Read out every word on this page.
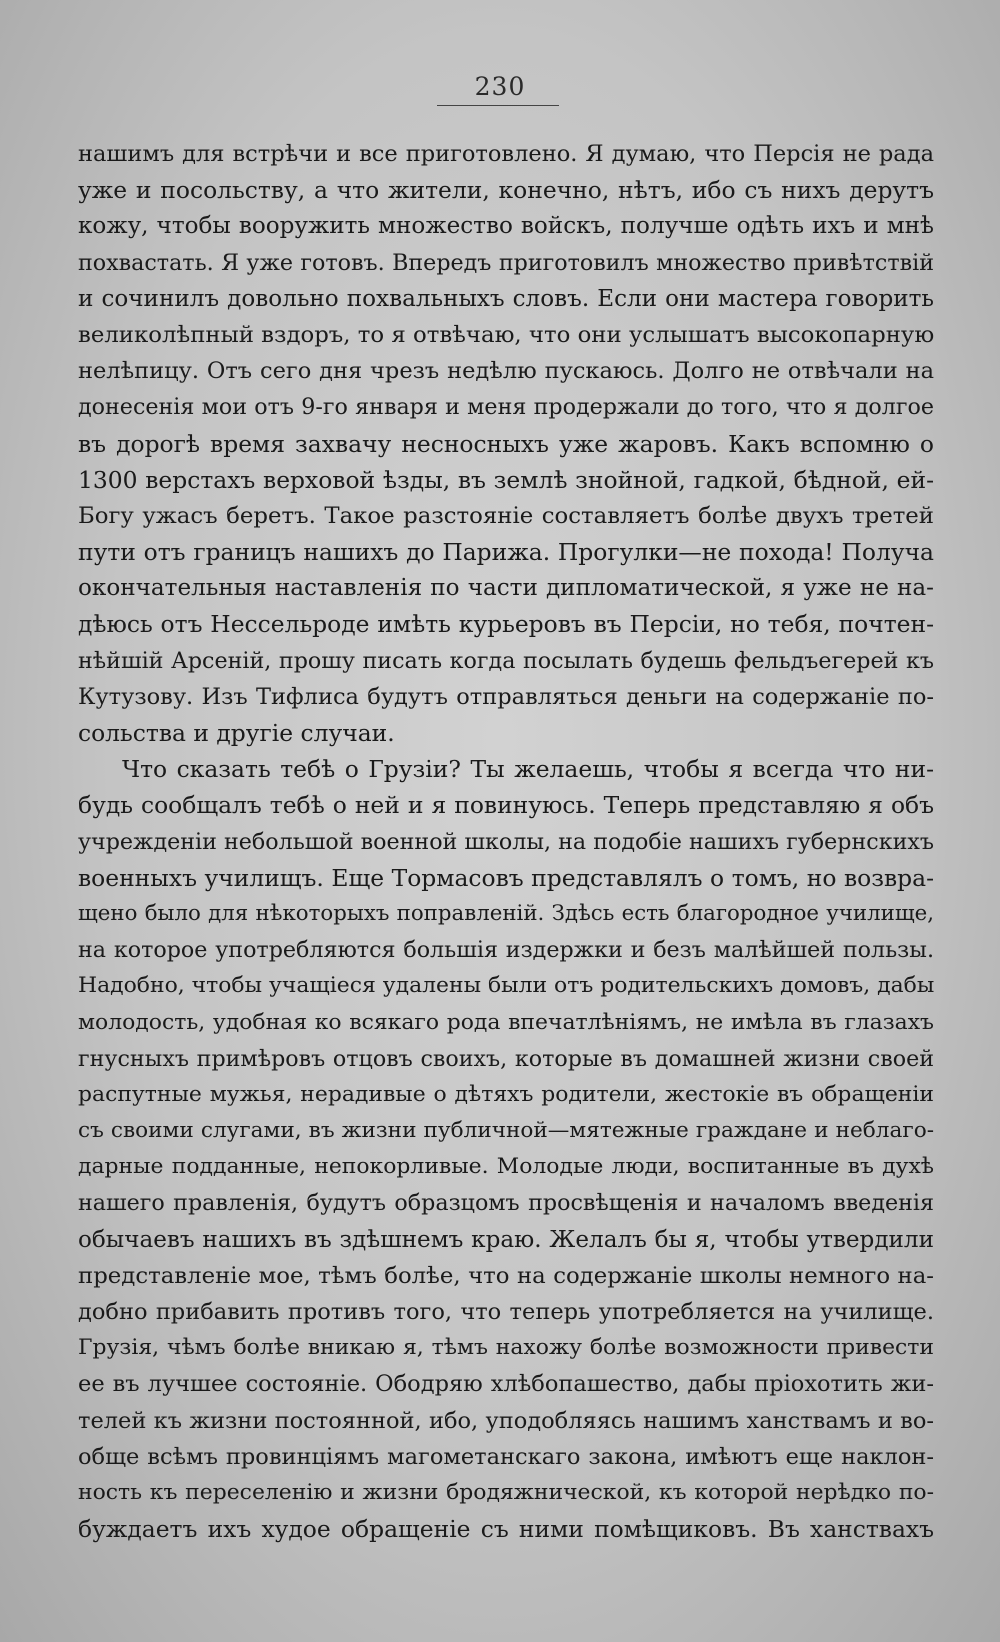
230
нашимъ для встрѣчи и все приготовлено. Я думаю, что Персія не рада
уже и посольству, а что жители, конечно, нѣтъ, ибо съ нихъ дерутъ
кожу, чтобы вооружить множество войскъ, получше одѣть ихъ и мнѣ
похвастать. Я уже готовъ. Впередъ приготовилъ множество привѣтствій
и сочинилъ довольно похвальныхъ словъ. Если они мастера говорить
великолѣпный вздоръ, то я отвѣчаю, что они услышатъ высокопарную
нелѣпицу. Отъ сего дня чрезъ недѣлю пускаюсь. Долго не отвѣчали на
донесенія мои отъ 9-го января и меня продержали до того, что я долгое
въ дорогѣ время захвачу несносныхъ уже жаровъ. Какъ вспомню о
1300 верстахъ верховой ѣзды, въ землѣ знойной, гадкой, бѣдной, ей-
Богу ужасъ беретъ. Такое разстояніе составляетъ болѣе двухъ третей
пути отъ границъ нашихъ до Парижа. Прогулки—не похода! Получа
окончательныя наставленія по части дипломатической, я уже не на-
дѣюсь отъ Нессельроде имѣть курьеровъ въ Персіи, но тебя, почтен-
нѣйшій Арсеній, прошу писать когда посылать будешь фельдъегерей къ
Кутузову. Изъ Тифлиса будутъ отправляться деньги на содержаніе по-
сольства и другіе случаи.
Что сказать тебѣ о Грузіи? Ты желаешь, чтобы я всегда что ни-
будь сообщалъ тебѣ о ней и я повинуюсь. Теперь представляю я объ
учрежденіи небольшой военной школы, на подобіе нашихъ губернскихъ
военныхъ училищъ. Еще Тормасовъ представлялъ о томъ, но возвра-
щено было для нѣкоторыхъ поправленій. Здѣсь есть благородное училище,
на которое употребляются большія издержки и безъ малѣйшей пользы.
Надобно, чтобы учащіеся удалены были отъ родительскихъ домовъ, дабы
молодость, удобная ко всякаго рода впечатлѣніямъ, не имѣла въ глазахъ
гнусныхъ примѣровъ отцовъ своихъ, которые въ домашней жизни своей
распутные мужья, нерадивые о дѣтяхъ родители, жестокіе въ обращеніи
съ своими слугами, въ жизни публичной—мятежные граждане и неблаго-
дарные подданные, непокорливые. Молодые люди, воспитанные въ духѣ
нашего правленія, будутъ образцомъ просвѣщенія и началомъ введенія
обычаевъ нашихъ въ здѣшнемъ краю. Желалъ бы я, чтобы утвердили
представленіе мое, тѣмъ болѣе, что на содержаніе школы немного на-
добно прибавить противъ того, что теперь употребляется на училище.
Грузія, чѣмъ болѣе вникаю я, тѣмъ нахожу болѣе возможности привести
ее въ лучшее состояніе. Ободряю хлѣбопашество, дабы пріохотить жи-
телей къ жизни постоянной, ибо, уподобляясь нашимъ ханствамъ и во-
обще всѣмъ провинціямъ магометанскаго закона, имѣютъ еще наклон-
ность къ переселенію и жизни бродяжнической, къ которой нерѣдко по-
буждаетъ ихъ худое обращеніе съ ними помѣщиковъ. Въ ханствахъ
